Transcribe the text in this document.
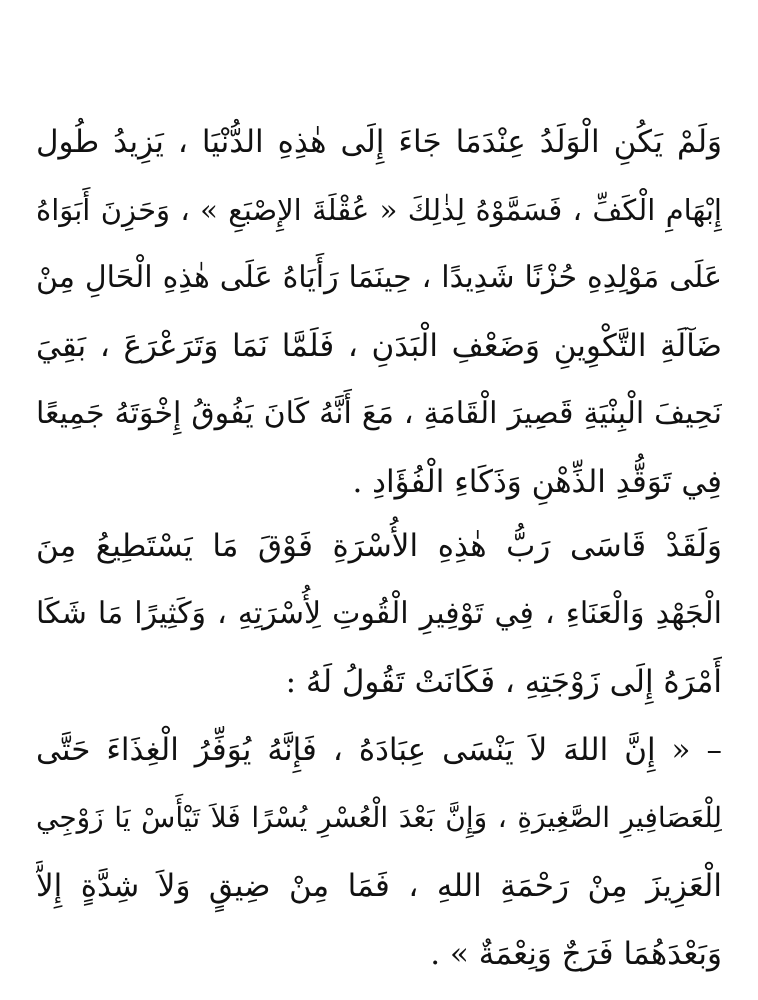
وَلَمْ يَكُنِ الْوَلَدُ عِنْدَمَا جَاءَ إِلَى هٰذِهِ الدُّنْيَا ، يَزِيدُ طُول
إِبْهَامِ الْكَفِّ ، فَسَمَّوْهُ لِذٰلِكَ « عُقْلَةَ الإِصْبَعِ » ، وَحَزِنَ أَبَوَاهُ
عَلَى مَوْلِدِهِ حُزْنًا شَدِيدًا ، حِينَمَا رَأَيَاهُ عَلَى هٰذِهِ الْحَالِ مِنْ
ضَآلَةِ التَّكْوِينِ وَضَعْفِ الْبَدَنِ ، فَلَمَّا نَمَا وَتَرَعْرَعَ ، بَقِيَ
نَحِيفَ الْبِنْيَةِ قَصِيرَ الْقَامَةِ ، مَعَ أَنَّهُ كَانَ يَفُوقُ إِخْوَتَهُ جَمِيعًا
فِي تَوَقُّدِ الذِّهْنِ وَذَكَاءِ الْفُؤَادِ .
وَلَقَدْ قَاسَى رَبُّ هٰذِهِ الأُسْرَةِ فَوْقَ مَا يَسْتَطِيعُ مِنَ
الْجَهْدِ وَالْعَنَاءِ ، فِي تَوْفِيرِ الْقُوتِ لِأُسْرَتِهِ ، وَكَثِيرًا مَا شَكَا
أَمْرَهُ إِلَى زَوْجَتِهِ ، فَكَانَتْ تَقُولُ لَهُ :
– « إِنَّ اللهَ لاَ يَنْسَى عِبَادَهُ ، فَإِنَّهُ يُوَفِّرُ الْغِذَاءَ حَتَّى
لِلْعَصَافِيرِ الصَّغِيرَةِ ، وَإِنَّ بَعْدَ الْعُسْرِ يُسْرًا فَلاَ تَيْأَسْ يَا زَوْجِي
الْعَزِيزَ مِنْ رَحْمَةِ اللهِ ، فَمَا مِنْ ضِيقٍ وَلاَ شِدَّةٍ إِلاَّ
وَبَعْدَهُمَا فَرَجٌ وَنِعْمَةٌ » .
